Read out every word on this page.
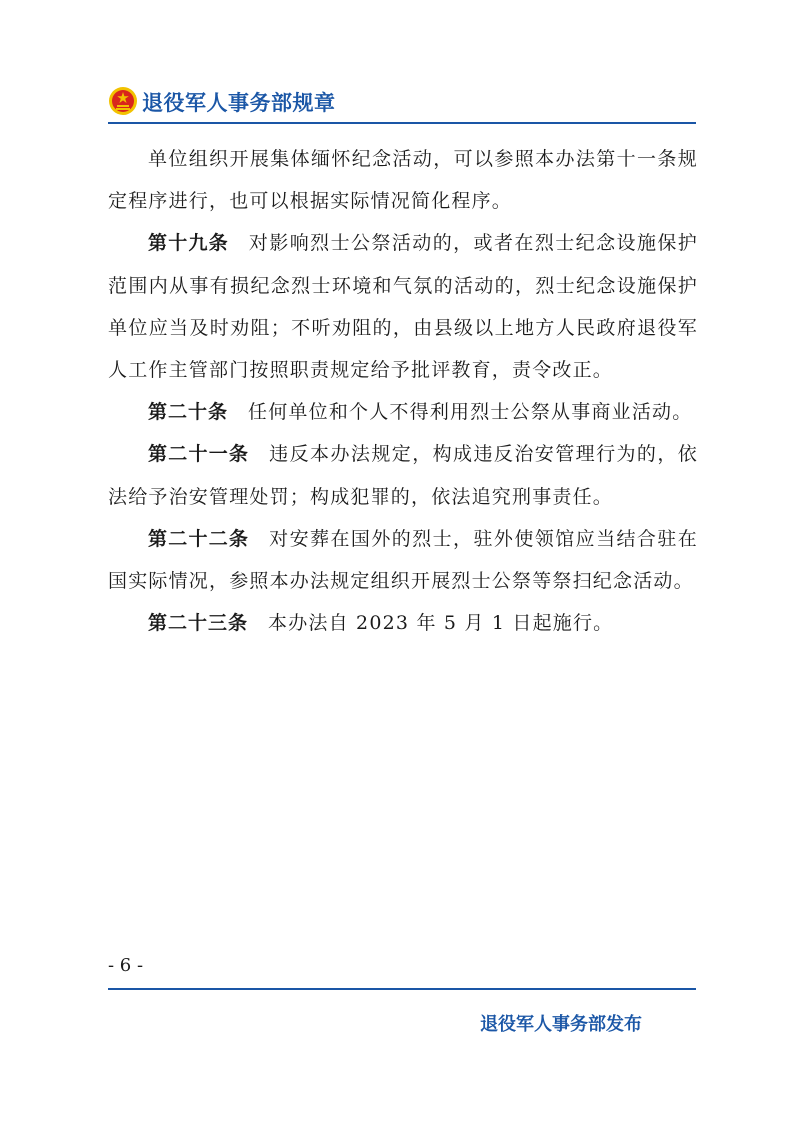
退役军人事务部规章

单位组织开展集体缅怀纪念活动，可以参照本办法第十一条规定程序进行，也可以根据实际情况简化程序。

第十九条 对影响烈士公祭活动的，或者在烈士纪念设施保护范围内从事有损纪念烈士环境和气氛的活动的，烈士纪念设施保护单位应当及时劝阻；不听劝阻的，由县级以上地方人民政府退役军人工作主管部门按照职责规定给予批评教育，责令改正。

第二十条 任何单位和个人不得利用烈士公祭从事商业活动。

第二十一条 违反本办法规定，构成违反治安管理行为的，依法给予治安管理处罚；构成犯罪的，依法追究刑事责任。

第二十二条 对安葬在国外的烈士，驻外使领馆应当结合驻在国实际情况，参照本办法规定组织开展烈士公祭等祭扫纪念活动。

第二十三条 本办法自 2023 年 5 月 1 日起施行。

- 6 -
退役军人事务部发布
